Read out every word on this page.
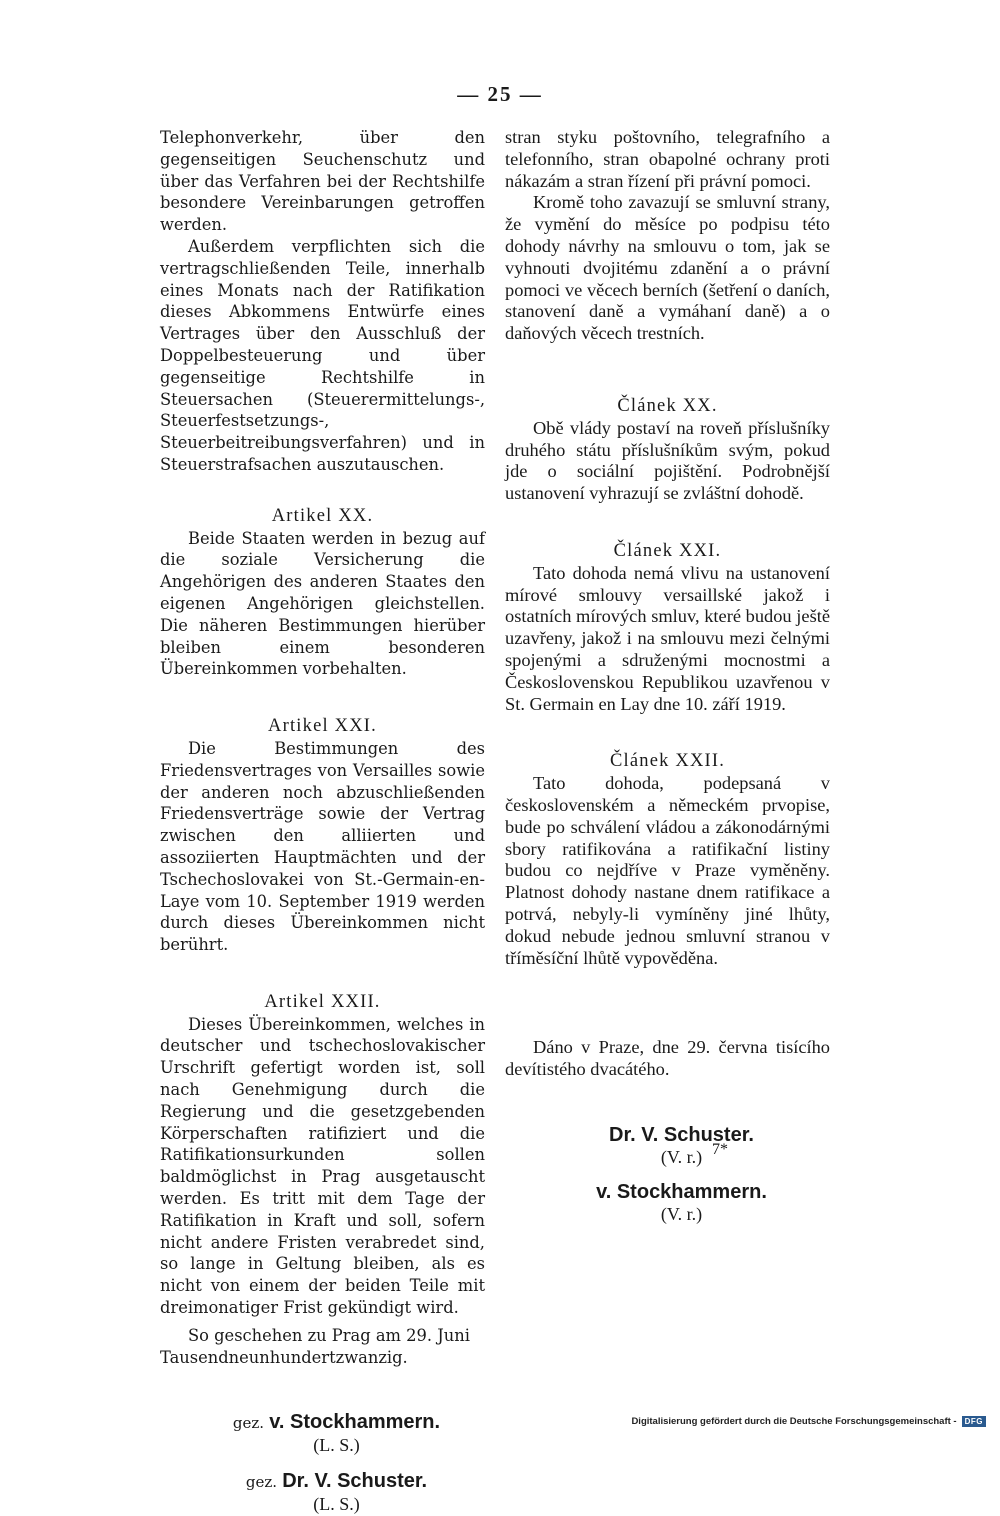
— 25 —

Telephonverkehr, über den gegenseitigen Seuchenschutz und über das Verfahren bei der Rechtshilfe besondere Vereinbarungen getroffen werden.

Außerdem verpflichten sich die vertragschließenden Teile, innerhalb eines Monats nach der Ratifikation dieses Abkommens Entwürfe eines Vertrages über den Ausschluß der Doppelbesteuerung und über gegenseitige Rechtshilfe in Steuersachen (Steuerermittelungs-, Steuerfestsetzungs-, Steuerbeitreibungsverfahren) und in Steuerstrafsachen auszutauschen.

Artikel XX.

Beide Staaten werden in bezug auf die soziale Versicherung die Angehörigen des anderen Staates den eigenen Angehörigen gleichstellen. Die näheren Bestimmungen hierüber bleiben einem besonderen Übereinkommen vorbehalten.

Artikel XXI.

Die Bestimmungen des Friedensvertrages von Versailles sowie der anderen noch abzuschließenden Friedensverträge sowie der Vertrag zwischen den alliierten und assoziierten Hauptmächten und der Tschechoslovakei von St.-Germain-en-Laye vom 10. September 1919 werden durch dieses Übereinkommen nicht berührt.

Artikel XXII.

Dieses Übereinkommen, welches in deutscher und tschechoslovakischer Urschrift gefertigt worden ist, soll nach Genehmigung durch die Regierung und die gesetzgebenden Körperschaften ratifiziert und die Ratifikationsurkunden sollen baldmöglichst in Prag ausgetauscht werden. Es tritt mit dem Tage der Ratifikation in Kraft und soll, sofern nicht andere Fristen verabredet sind, so lange in Geltung bleiben, als es nicht von einem der beiden Teile mit dreimonatiger Frist gekündigt wird.

So geschehen zu Prag am 29. Juni Tausendneunhundertzwanzig.

gez. v. Stockhammern.

(L. S.)

gez. Dr. V. Schuster.

(L. S.)

stran styku poštovního, telegrafního a telefonního, stran obapolné ochrany proti nákazám a stran řízení při právní pomoci.

Kromě toho zavazují se smluvní strany, že vymění do měsíce po podpisu této dohody návrhy na smlouvu o tom, jak se vyhnouti dvojitému zdanění a o právní pomoci ve věcech berních (šetření o daních, stanovení daně a vymáhaní daně) a o daňových věcech trestních.

Článek XX.

Obě vlády postaví na roveň příslušníky druhého státu příslušníkům svým, pokud jde o sociální pojištění. Podrobnější ustanovení vyhrazují se zvláštní dohodě.

Článek XXI.

Tato dohoda nemá vlivu na ustanovení mírové smlouvy versaillské jakož i ostatních mírových smluv, které budou ještě uzavřeny, jakož i na smlouvu mezi čelnými spojenými a sdruženými mocnostmi a Československou Republikou uzavřenou v St. Germain en Lay dne 10. září 1919.

Článek XXII.

Tato dohoda, podepsaná v československém a německém prvopise, bude po schválení vládou a zákonodárnými sbory ratifikována a ratifikační listiny budou co nejdříve v Praze vyměněny. Platnost dohody nastane dnem ratifikace a potrvá, nebyly-li vymíněny jiné lhůty, dokud nebude jednou smluvní stranou v tříměsíční lhůtě vypověděna.

Dáno v Praze, dne 29. června tisícího devítistého dvacátého.

Dr. V. Schuster.

(V. r.)

v. Stockhammern.

(V. r.)

7*
Digitalisierung gefördert durch die Deutsche Forschungsgemeinschaft -	DFG
